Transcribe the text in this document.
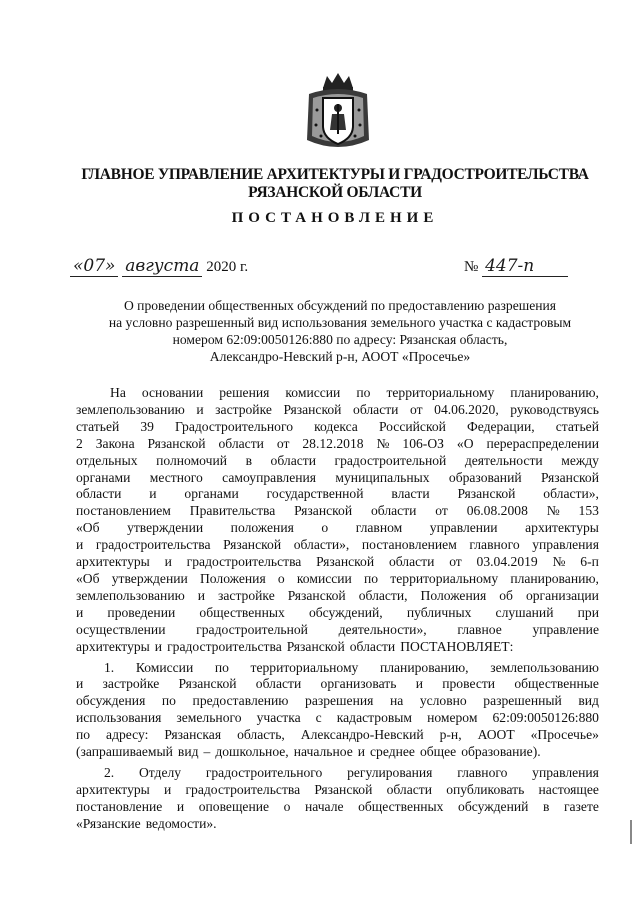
ГЛАВНОЕ УПРАВЛЕНИЕ АРХИТЕКТУРЫ И ГРАДОСТРОИТЕЛЬСТВА
РЯЗАНСКОЙ ОБЛАСТИ
ПОСТАНОВЛЕНИЕ
«07» августа 2020 г.	№ 447-п
О проведении общественных обсуждений по предоставлению разрешения
на условно разрешенный вид использования земельного участка с кадастровым
номером 62:09:0050126:880 по адресу: Рязанская область,
Александро-Невский р-н, АООТ «Просечье»
На основании решения комиссии по территориальному планированию,
землепользованию и застройке Рязанской области от 04.06.2020, руководствуясь
статьей 39 Градостроительного кодекса Российской Федерации, статьей
2 Закона Рязанской области от 28.12.2018 № 106-ОЗ «О перераспределении
отдельных полномочий в области градостроительной деятельности между
органами местного самоуправления муниципальных образований Рязанской
области и органами государственной власти Рязанской области»,
постановлением Правительства Рязанской области от 06.08.2008 № 153
«Об утверждении положения о главном управлении архитектуры
и градостроительства Рязанской области», постановлением главного управления
архитектуры и градостроительства Рязанской области от 03.04.2019 № 6-п
«Об утверждении Положения о комиссии по территориальному планированию,
землепользованию и застройке Рязанской области, Положения об организации
и проведении общественных обсуждений, публичных слушаний при
осуществлении градостроительной деятельности», главное управление
архитектуры и градостроительства Рязанской области ПОСТАНОВЛЯЕТ:
1. Комиссии по территориальному планированию, землепользованию
и застройке Рязанской области организовать и провести общественные
обсуждения по предоставлению разрешения на условно разрешенный вид
использования земельного участка с кадастровым номером 62:09:0050126:880
по адресу: Рязанская область, Александро-Невский р-н, АООТ «Просечье»
(запрашиваемый вид – дошкольное, начальное и среднее общее образование).
2. Отделу градостроительного регулирования главного управления
архитектуры и градостроительства Рязанской области опубликовать настоящее
постановление и оповещение о начале общественных обсуждений в газете
«Рязанские ведомости».
